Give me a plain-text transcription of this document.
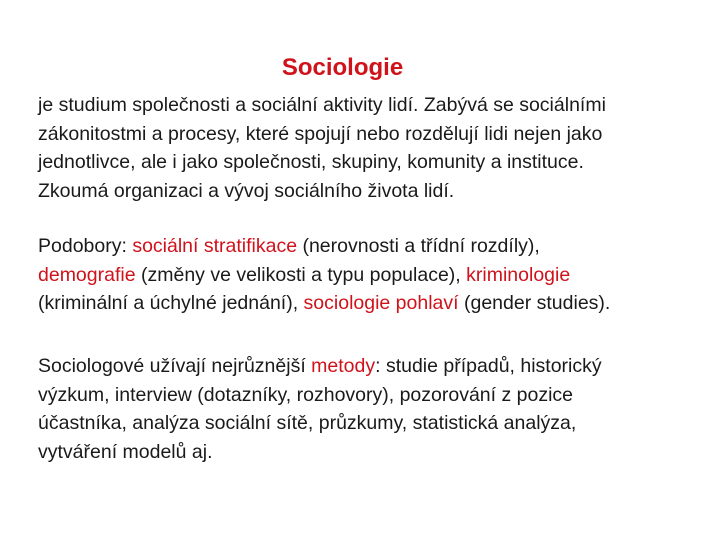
Sociologie
je studium společnosti a sociální aktivity lidí. Zabývá se sociálními
zákonitostmi a procesy, které spojují nebo rozdělují lidi nejen jako
jednotlivce, ale i jako společnosti, skupiny, komunity a instituce.
Zkoumá organizaci a vývoj sociálního života lidí.
Podobory: sociální stratifikace (nerovnosti a třídní rozdíly),
demografie (změny ve velikosti a typu populace), kriminologie
(kriminální a úchylné jednání), sociologie pohlaví (gender studies).
Sociologové užívají nejrůznější metody: studie případů, historický
výzkum, interview (dotazníky, rozhovory), pozorování z pozice
účastníka, analýza sociální sítě, průzkumy, statistická analýza,
vytváření modelů aj.
